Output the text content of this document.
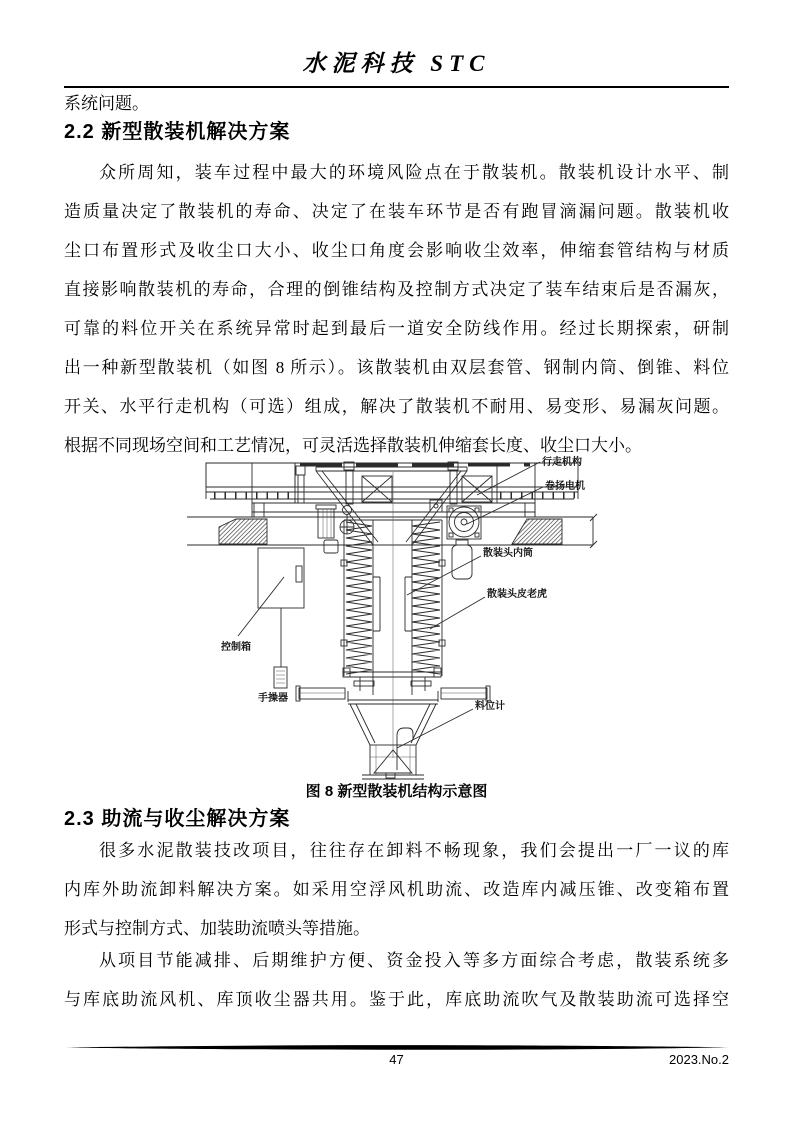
水泥科技 STC
系统问题。
2.2 新型散装机解决方案
众所周知，装车过程中最大的环境风险点在于散装机。散装机设计水平、制
造质量决定了散装机的寿命、决定了在装车环节是否有跑冒滴漏问题。散装机收
尘口布置形式及收尘口大小、收尘口角度会影响收尘效率，伸缩套管结构与材质
直接影响散装机的寿命，合理的倒锥结构及控制方式决定了装车结束后是否漏灰，
可靠的料位开关在系统异常时起到最后一道安全防线作用。经过长期探索，研制
出一种新型散装机（如图 8 所示）。该散装机由双层套管、钢制内筒、倒锥、料位
开关、水平行走机构（可选）组成，解决了散装机不耐用、易变形、易漏灰问题。
根据不同现场空间和工艺情况，可灵活选择散装机伸缩套长度、收尘口大小。
行走机构
卷扬电机
散装头内筒
散装头皮老虎
料位计
控制箱
手操器
图 8 新型散装机结构示意图
2.3 助流与收尘解决方案
很多水泥散装技改项目，往往存在卸料不畅现象，我们会提出一厂一议的库
内库外助流卸料解决方案。如采用空浮风机助流、改造库内减压锥、改变箱布置
形式与控制方式、加装助流喷头等措施。
从项目节能减排、后期维护方便、资金投入等多方面综合考虑，散装系统多
与库底助流风机、库顶收尘器共用。鉴于此，库底助流吹气及散装助流可选择空
47	2023.No.2
